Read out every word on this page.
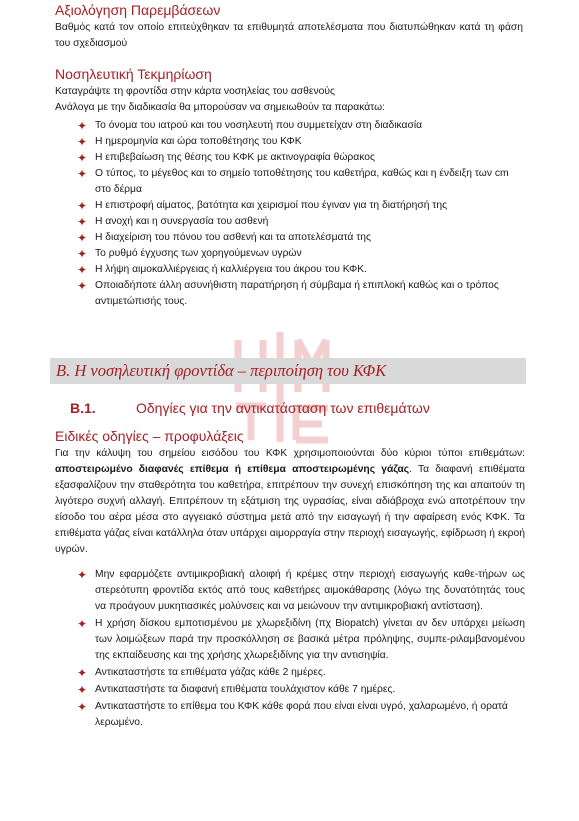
Αξιολόγηση Παρεμβάσεων

Βαθμός κατά τον οποίο επιτεύχθηκαν τα επιθυμητά αποτελέσματα που διατυπώθηκαν κατά τη φάση του σχεδιασμού

Νοσηλευτική Τεκμηρίωση

Καταγράψτε τη φροντίδα στην κάρτα νοσηλείας του ασθενούς

Ανάλογα με την διαδικασία θα μπορούσαν να σημειωθούν τα παρακάτω:

✦ Το όνομα του ιατρού και του νοσηλευτή που συμμετείχαν στη διαδικασία
✦ Η ημερομηνία και ώρα τοποθέτησης του ΚΦΚ
✦ Η επιβεβαίωση της θέσης του ΚΦΚ με ακτινογραφία θώρακος
✦ Ο τύπος, το μέγεθος και το σημείο τοποθέτησης του καθετήρα, καθώς και η ένδειξη των cm στο δέρμα
✦ Η επιστροφή αίματος, βατότητα και χειρισμοί που έγιναν για τη διατήρησή της
✦ Η ανοχή και η συνεργασία του ασθενή
✦ Η διαχείριση του πόνου του ασθενή και τα αποτελέσματά της
✦ Το ρυθμό έγχυσης των χορηγούμενων υγρών
✦ Η λήψη αιμοκαλλιέργειας ή καλλιέργεια του άκρου του ΚΦΚ.
✦ Οποιαδήποτε άλλη ασυνήθιστη παρατήρηση ή σύμβαμα ή επιπλοκή καθώς και ο τρόπος αντιμετώπισής τους.
Β. Η νοσηλευτική φροντίδα – περιποίηση του ΚΦΚ
Β.1.	Οδηγίες για την αντικατάσταση των επιθεμάτων
Ειδικές οδηγίες – προφυλάξεις

Για την κάλυψη του σημείου εισόδου του ΚΦΚ χρησιμοποιούνται δύο κύριοι τύποι επιθεμάτων: αποστειρωμένο διαφανές επίθεμα ή επίθεμα αποστειρωμένης γάζας. Τα διαφανή επιθέματα εξασφαλίζουν την σταθερότητα του καθετήρα, επιτρέπουν την συνεχή επισκόπηση της και απαιτούν τη λιγότερο συχνή αλλαγή. Επιτρέπουν τη εξάτμιση της υγρασίας, είναι αδιάβροχα ενώ αποτρέπουν την είσοδο του αέρα μέσα στο αγγειακό σύστημα μετά από την εισαγωγή ή την αφαίρεση ενός ΚΦΚ. Τα επιθέματα γάζας είναι κατάλληλα όταν υπάρχει αιμορραγία στην περιοχή εισαγωγής, εφίδρωση ή εκροή υγρών.

✦ Μην εφαρμόζετε αντιμικροβιακή αλοιφή ή κρέμες στην περιοχή εισαγωγής καθε-τήρων ως στερεότυπη φροντίδα εκτός από τους καθετήρες αιμοκάθαρσης (λόγω της δυνατότητάς τους να προάγουν μυκητιασικές μολύνσεις και να μειώνουν την αντιμικροβιακή αντίσταση).
✦ Η χρήση δίσκου εμποτισμένου με χλωρεξιδίνη (πχ Biopatch) γίνεται αν δεν υπάρχει μείωση των λοιμώξεων παρά την προσκόλληση σε βασικά μέτρα πρόληψης, συμπε-ριλαμβανομένου της εκπαίδευσης και της χρήσης χλωρεξιδίνης για την αντισηψία.
✦ Αντικαταστήστε τα επιθέματα γάζας κάθε 2 ημέρες.
✦ Αντικαταστήστε τα διαφανή επιθέματα τουλάχιστον κάθε 7 ημέρες.
✦ Αντικαταστήστε το επίθεμα του ΚΦΚ κάθε φορά που είναι είναι υγρό, χαλαρωμένο, ή ορατά λερωμένο.
